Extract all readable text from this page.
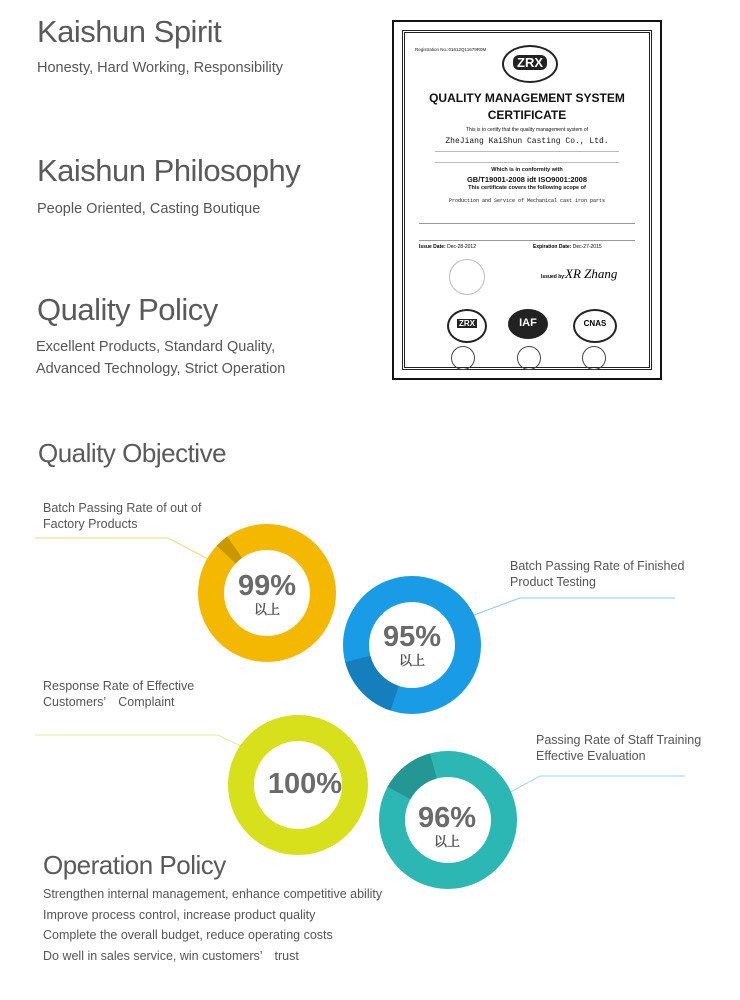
Kaishun Spirit
Honesty, Hard Working, Responsibility
Kaishun Philosophy
People Oriented, Casting Boutique
Quality Policy
Excellent Products, Standard Quality,
Advanced Technology, Strict Operation
Registration No.:01612Q11679R0M
ZRX
QUALITY MANAGEMENT SYSTEM
CERTIFICATE
This is to certify that the quality management system of
ZheJiang KaiShun Casting Co., Ltd.
Which is in conformity with
GB/T19001-2008 idt ISO9001:2008
This certificate covers the following scope of
Production and Service of Mechanical cast iron parts
Issue Date: Dec-28-2012	Expiration Date: Dec-27-2015
Issued by: XR Zhang
ZRX	IAF	CNAS
Quality Objective
Batch Passing Rate of out of
Factory Products
Batch Passing Rate of Finished
Product Testing
Response Rate of Effective
Customers’　Complaint
Passing Rate of Staff Training
Effective Evaluation
99%
以上
95%
以上
100%
96%
以上
Operation Policy
Strengthen internal management, enhance competitive ability
Improve process control, increase product quality
Complete the overall budget, reduce operating costs
Do well in sales service, win customers’　trust
